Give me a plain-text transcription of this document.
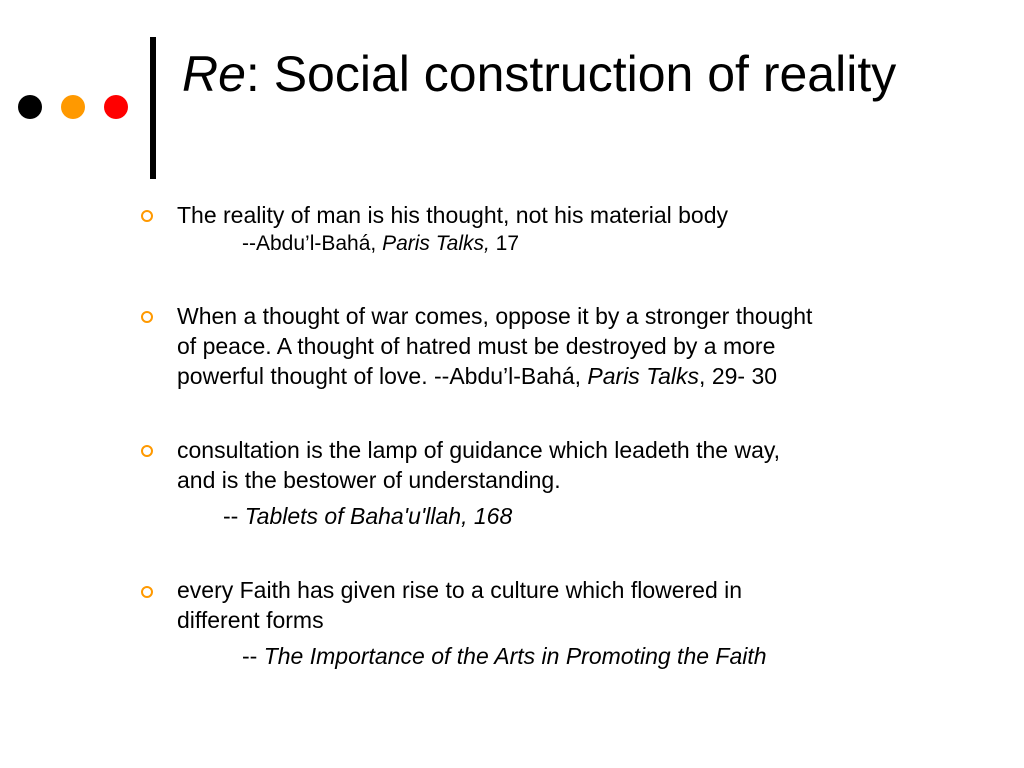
Re: Social construction of reality
The reality of man is his thought, not his material body
--Abdu’l-Bahá, Paris Talks, 17
When a thought of war comes, oppose it by a stronger thought
of peace. A thought of hatred must be destroyed by a more
powerful thought of love. --Abdu’l-Bahá, Paris Talks, 29- 30
consultation is the lamp of guidance which leadeth the way,
and is the bestower of understanding.
-- Tablets of Baha'u'llah, 168
every Faith has given rise to a culture which flowered in
different forms
-- The Importance of the Arts in Promoting the Faith
